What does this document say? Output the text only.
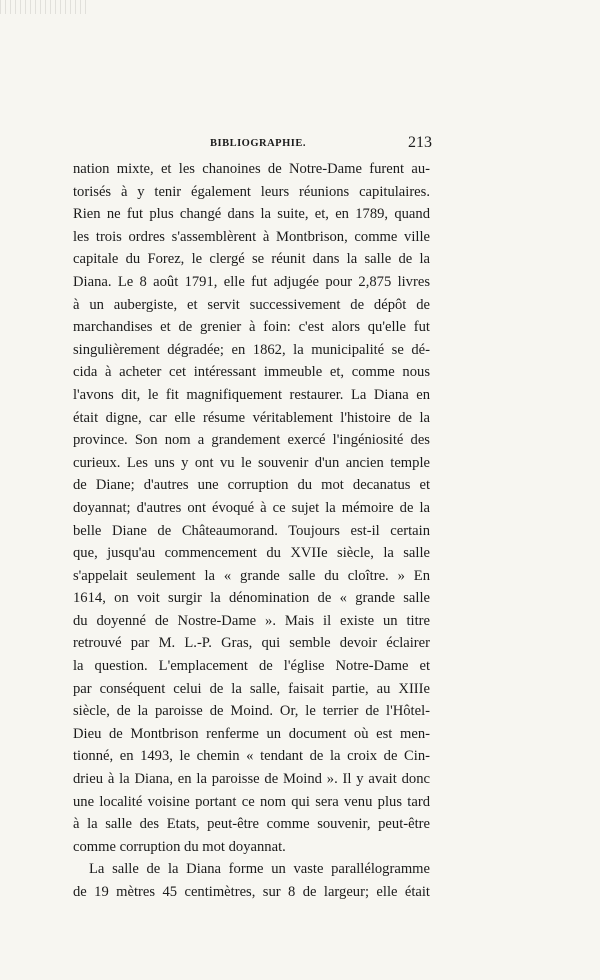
BIBLIOGRAPHIE.	213
nation mixte, et les chanoines de Notre-Dame furent au-
torisés à y tenir également leurs réunions capitulaires.
Rien ne fut plus changé dans la suite, et, en 1789, quand
les trois ordres s'assemblèrent à Montbrison, comme ville
capitale du Forez, le clergé se réunit dans la salle de la
Diana. Le 8 août 1791, elle fut adjugée pour 2,875 livres
à un aubergiste, et servit successivement de dépôt de
marchandises et de grenier à foin: c'est alors qu'elle fut
singulièrement dégradée; en 1862, la municipalité se dé-
cida à acheter cet intéressant immeuble et, comme nous
l'avons dit, le fit magnifiquement restaurer. La Diana en
était digne, car elle résume véritablement l'histoire de la
province. Son nom a grandement exercé l'ingéniosité des
curieux. Les uns y ont vu le souvenir d'un ancien temple
de Diane; d'autres une corruption du mot decanatus et
doyannat; d'autres ont évoqué à ce sujet la mémoire de la
belle Diane de Châteaumorand. Toujours est-il certain
que, jusqu'au commencement du XVIIe siècle, la salle
s'appelait seulement la « grande salle du cloître. » En
1614, on voit surgir la dénomination de « grande salle
du doyenné de Nostre-Dame ». Mais il existe un titre
retrouvé par M. L.-P. Gras, qui semble devoir éclairer
la question. L'emplacement de l'église Notre-Dame et
par conséquent celui de la salle, faisait partie, au XIIIe
siècle, de la paroisse de Moind. Or, le terrier de l'Hôtel-
Dieu de Montbrison renferme un document où est men-
tionné, en 1493, le chemin « tendant de la croix de Cin-
drieu à la Diana, en la paroisse de Moind ». Il y avait donc
une localité voisine portant ce nom qui sera venu plus tard
à la salle des Etats, peut-être comme souvenir, peut-être
comme corruption du mot doyannat.
La salle de la Diana forme un vaste parallélogramme
de 19 mètres 45 centimètres, sur 8 de largeur; elle était
